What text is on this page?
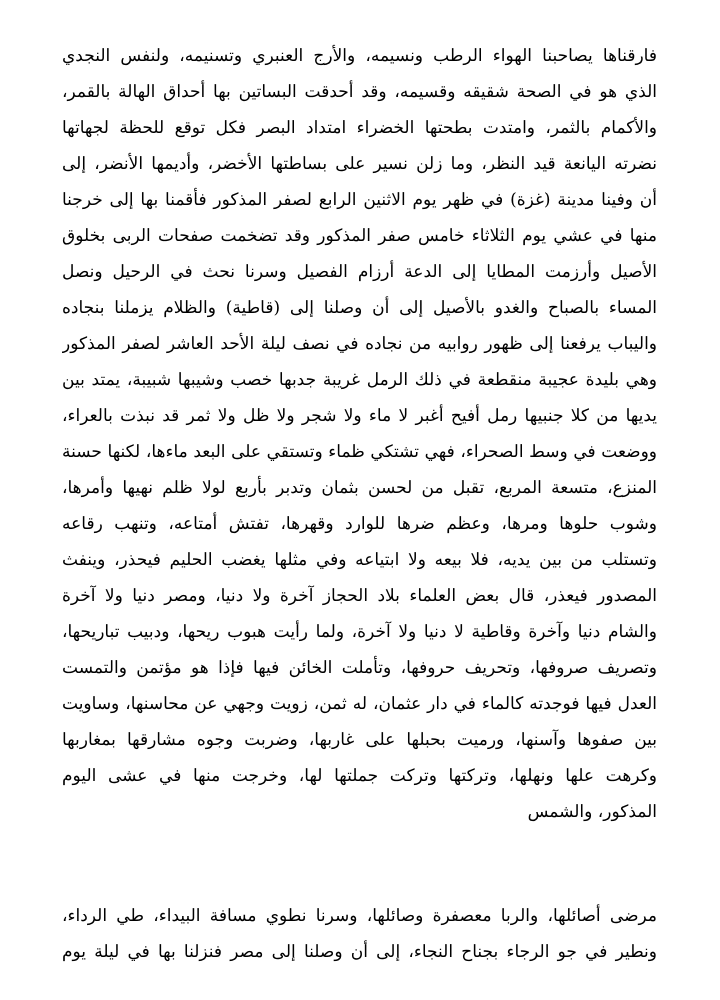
فارقناها يصاحبنا الهواء الرطب ونسيمه، والأرج العنبري وتسنيمه، ولنفس النجدي
الذي هو في الصحة شقيقه وقسيمه، وقد أحدقت البساتين بها أحداق الهالة بالقمر،
والأكمام بالثمر، وامتدت بطحتها الخضراء امتداد البصر فكل توقع للحظة لجهاتها
نضرته اليانعة قيد النظر، وما زلن نسير على بساطتها الأخضر، وأديمها الأنضر، إلى
أن وفينا مدينة (غزة) في ظهر يوم الاثنين الرابع لصفر المذكور فأقمنا بها إلى خرجنا
منها في عشي يوم الثلاثاء خامس صفر المذكور وقد تضخمت صفحات الربى بخلوق
الأصيل وأرزمت المطايا إلى الدعة أرزام الفصيل وسرنا نحث في الرحيل ونصل
المساء بالصباح والغدو بالأصيل إلى أن وصلنا إلى (قاطية) والظلام يزملنا بنجاده
واليباب يرفعنا إلى ظهور روابيه من نجاده في نصف ليلة الأحد العاشر لصفر المذكور
وهي بليدة عجيبة منقطعة في ذلك الرمل غريبة جدبها خصب وشيبها شبيبة، يمتد بين
يديها من كلا جنبيها رمل أفيح أغبر لا ماء ولا شجر ولا ظل ولا ثمر قد نبذت بالعراء،
ووضعت في وسط الصحراء، فهي تشتكي ظماء وتستقي على البعد ماءها، لكنها حسنة
المنزع، متسعة المربع، تقبل من لحسن بثمان وتدبر بأربع لولا ظلم نهيها وأمرها،
وشوب حلوها ومرها، وعظم ضرها للوارد وقهرها، تفتش أمتاعه، وتنهب رقاعه
وتستلب من بين يديه، فلا بيعه ولا ابتياعه وفي مثلها يغضب الحليم فيحذر، وينفث
المصدور فيعذر، قال بعض العلماء بلاد الحجاز آخرة ولا دنيا، ومصر دنيا ولا آخرة
والشام دنيا وآخرة وقاطية لا دنيا ولا آخرة، ولما رأيت هبوب ريحها، ودبيب تباريحها،
وتصريف صروفها، وتحريف حروفها، وتأملت الخائن فيها فإذا هو مؤتمن والتمست
العدل فيها فوجدته كالماء في دار عثمان، له ثمن، زويت وجهي عن محاسنها، وساويت
بين صفوها وآسنها، ورميت بحبلها على غاربها، وضربت وجوه مشارقها بمغاربها
وكرهت علها ونهلها، وتركتها وتركت جملتها لها، وخرجت منها في عشى اليوم
المذكور، والشمس
مرضى أصائلها، والربا معصفرة وصائلها، وسرنا نطوي مسافة البيداء، طي الرداء،
ونطير في جو الرجاء بجناح النجاء، إلى أن وصلنا إلى مصر فنزلنا بها في ليلة يوم
